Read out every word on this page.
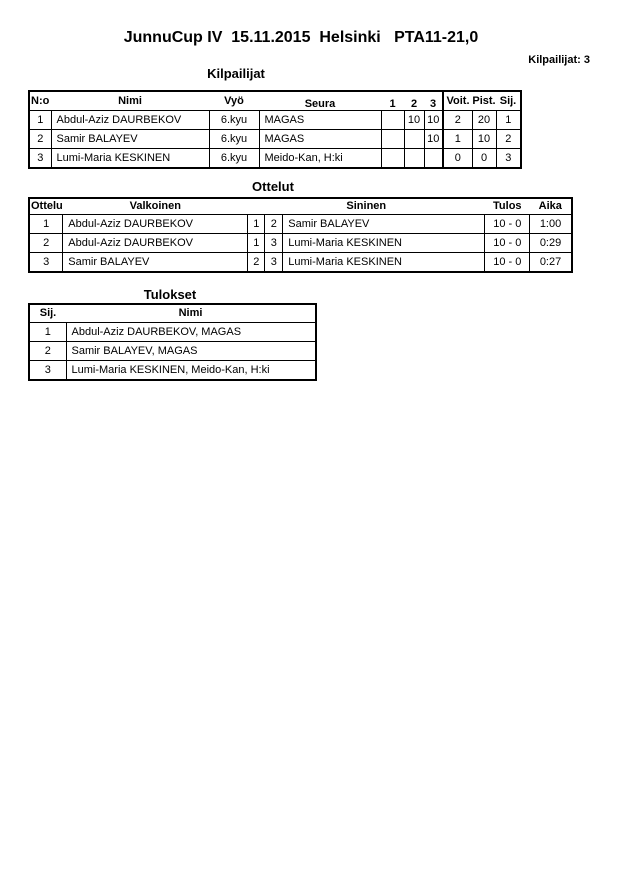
JunnuCup IV  15.11.2015  Helsinki   PTA11-21,0
Kilpailijat: 3
Kilpailijat
N:o	Nimi	Vyö	Seura	1	2	3	Voit.	Pist.	Sij.
1	Abdul-Aziz DAURBEKOV	6.kyu	MAGAS		10	10	2	20	1
2	Samir BALAYEV	6.kyu	MAGAS			10	1	10	2
3	Lumi-Maria KESKINEN	6.kyu	Meido-Kan, H:ki				0	0	3
Ottelut
Ottelu	Valkoinen	Sininen			Tulos	Aika
1	Abdul-Aziz DAURBEKOV	1	2	Samir BALAYEV	10 - 0	1:00
2	Abdul-Aziz DAURBEKOV	1	3	Lumi-Maria KESKINEN	10 - 0	0:29
3	Samir BALAYEV	2	3	Lumi-Maria KESKINEN	10 - 0	0:27
Tulokset
Sij.	Nimi
1	Abdul-Aziz DAURBEKOV, MAGAS
2	Samir BALAYEV, MAGAS
3	Lumi-Maria KESKINEN, Meido-Kan, H:ki
